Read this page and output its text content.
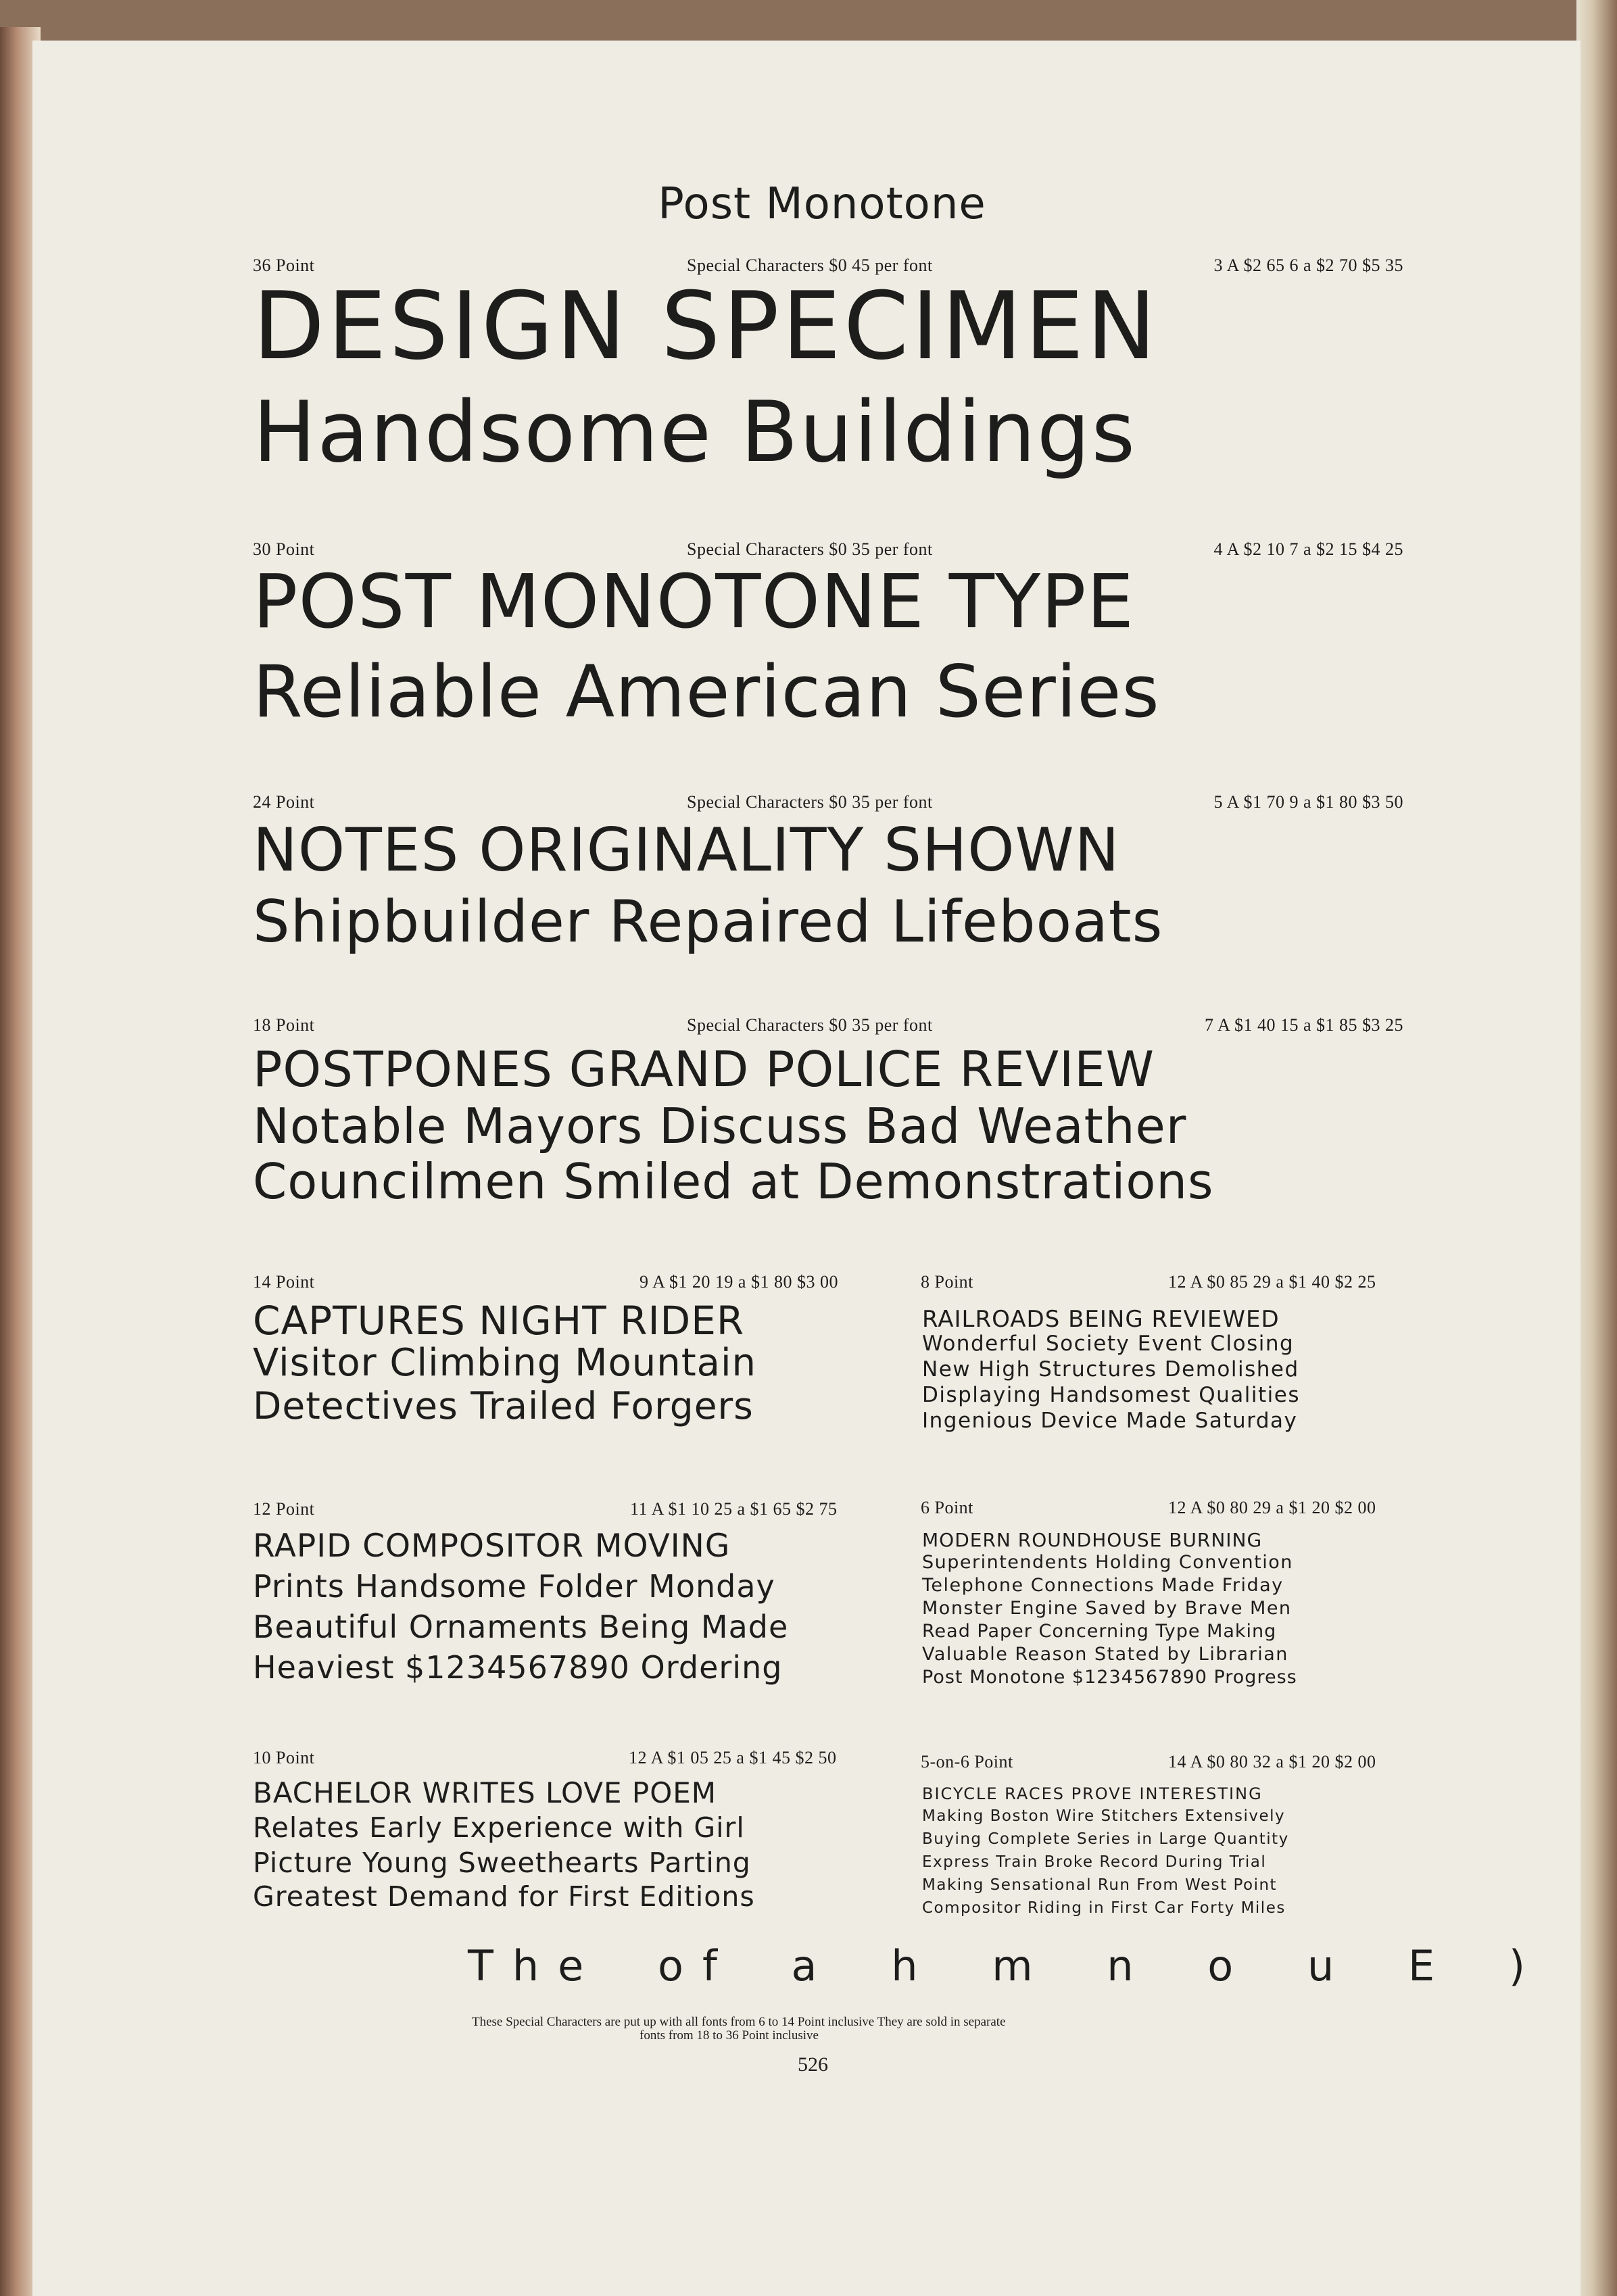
Post Monotone
36 Point	Special Characters $0 45 per font	3 A $2 65 6 a $2 70 $5 35
DESIGN SPECIMEN
Handsome Buildings
30 Point	Special Characters $0 35 per font	4 A $2 10 7 a $2 15 $4 25
POST MONOTONE TYPE
Reliable American Series
24 Point	Special Characters $0 35 per font	5 A $1 70 9 a $1 80 $3 50
NOTES ORIGINALITY SHOWN
Shipbuilder Repaired Lifeboats
18 Point	Special Characters $0 35 per font	7 A $1 40 15 a $1 85 $3 25
POSTPONES GRAND POLICE REVIEW
Notable Mayors Discuss Bad Weather
Councilmen Smiled at Demonstrations
14 Point	9 A $1 20 19 a $1 80 $3 00
CAPTURES NIGHT RIDER
Visitor Climbing Mountain
Detectives Trailed Forgers
12 Point	11 A $1 10 25 a $1 65 $2 75
RAPID COMPOSITOR MOVING
Prints Handsome Folder Monday
Beautiful Ornaments Being Made
Heaviest $1234567890 Ordering
10 Point	12 A $1 05 25 a $1 45 $2 50
BACHELOR WRITES LOVE POEM
Relates Early Experience with Girl
Picture Young Sweethearts Parting
Greatest Demand for First Editions
8 Point	12 A $0 85 29 a $1 40 $2 25
RAILROADS BEING REVIEWED
Wonderful Society Event Closing
New High Structures Demolished
Displaying Handsomest Qualities
Ingenious Device Made Saturday
6 Point	12 A $0 80 29 a $1 20 $2 00
MODERN ROUNDHOUSE BURNING
Superintendents Holding Convention
Telephone Connections Made Friday
Monster Engine Saved by Brave Men
Read Paper Concerning Type Making
Valuable Reason Stated by Librarian
Post Monotone $1234567890 Progress
5-on-6 Point	14 A $0 80 32 a $1 20 $2 00
BICYCLE RACES PROVE INTERESTING
Making Boston Wire Stitchers Extensively
Buying Complete Series in Large Quantity
Express Train Broke Record During Trial
Making Sensational Run From West Point
Compositor Riding in First Car Forty Miles
The of a h m n o u E )
These Special Characters are put up with all fonts from 6 to 14 Point inclusive They are sold in separate
fonts from 18 to 36 Point inclusive
526
